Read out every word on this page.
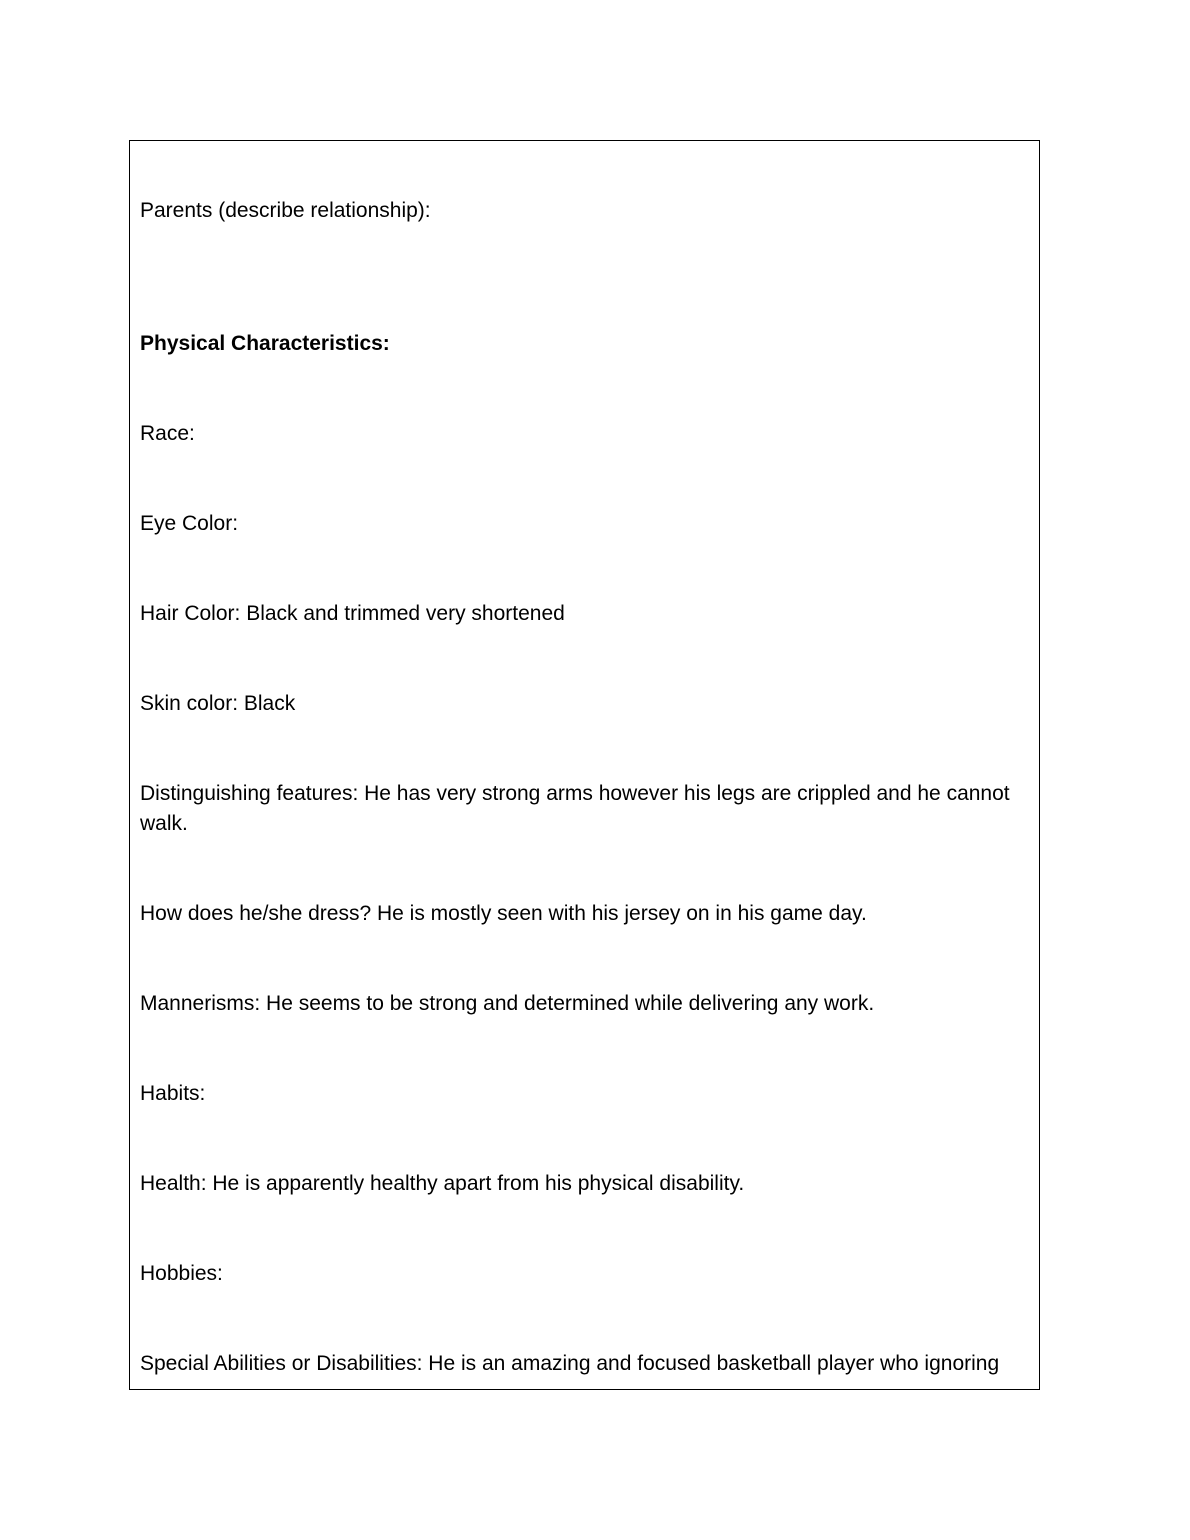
Parents (describe relationship):
Physical Characteristics:
Race:
Eye Color:
Hair Color: Black and trimmed very shortened
Skin color: Black
Distinguishing features: He has very strong arms however his legs are crippled and he cannot walk.
How does he/she dress? He is mostly seen with his jersey on in his game day.
Mannerisms: He seems to be strong and determined while delivering any work.
Habits:
Health: He is apparently healthy apart from his physical disability.
Hobbies:
Special Abilities or Disabilities: He is an amazing and focused basketball player who ignoring
